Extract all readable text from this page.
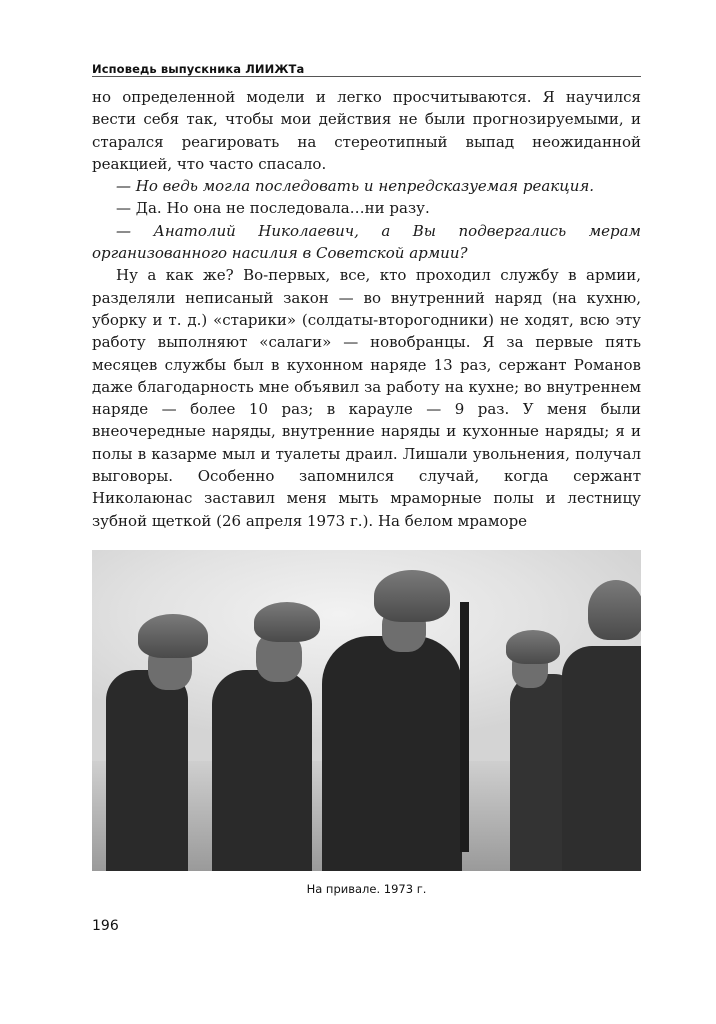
Исповедь выпускника ЛИИЖТа

но определенной модели и легко просчитываются. Я научился вести себя так, чтобы мои действия не были прогнозируемыми, и старался реагировать на стереотипный выпад неожиданной реакцией, что часто спасало.

— Но ведь могла последовать и непредсказуемая реакция.

— Да. Но она не последовала…ни разу.

— Анатолий Николаевич, а Вы подвергались мерам организованного насилия в Советской армии?

Ну а как же? Во-первых, все, кто проходил службу в армии, разделяли неписаный закон — во внутренний наряд (на кухню, уборку и т. д.) «старики» (солдаты-второгодники) не ходят, всю эту работу выполняют «салаги» — новобранцы. Я за первые пять месяцев службы был в кухонном наряде 13 раз, сержант Романов даже благодарность мне объявил за работу на кухне; во внутреннем наряде — более 10 раз; в карауле — 9 раз. У меня были внеочередные наряды, внутренние наряды и кухонные наряды; я и полы в казарме мыл и туалеты драил. Лишали увольнения, получал выговоры. Особенно запомнился случай, когда сержант Николаюнас заставил меня мыть мраморные полы и лестницу зубной щеткой (26 апреля 1973 г.). На белом мраморе

На привале. 1973 г.
196
